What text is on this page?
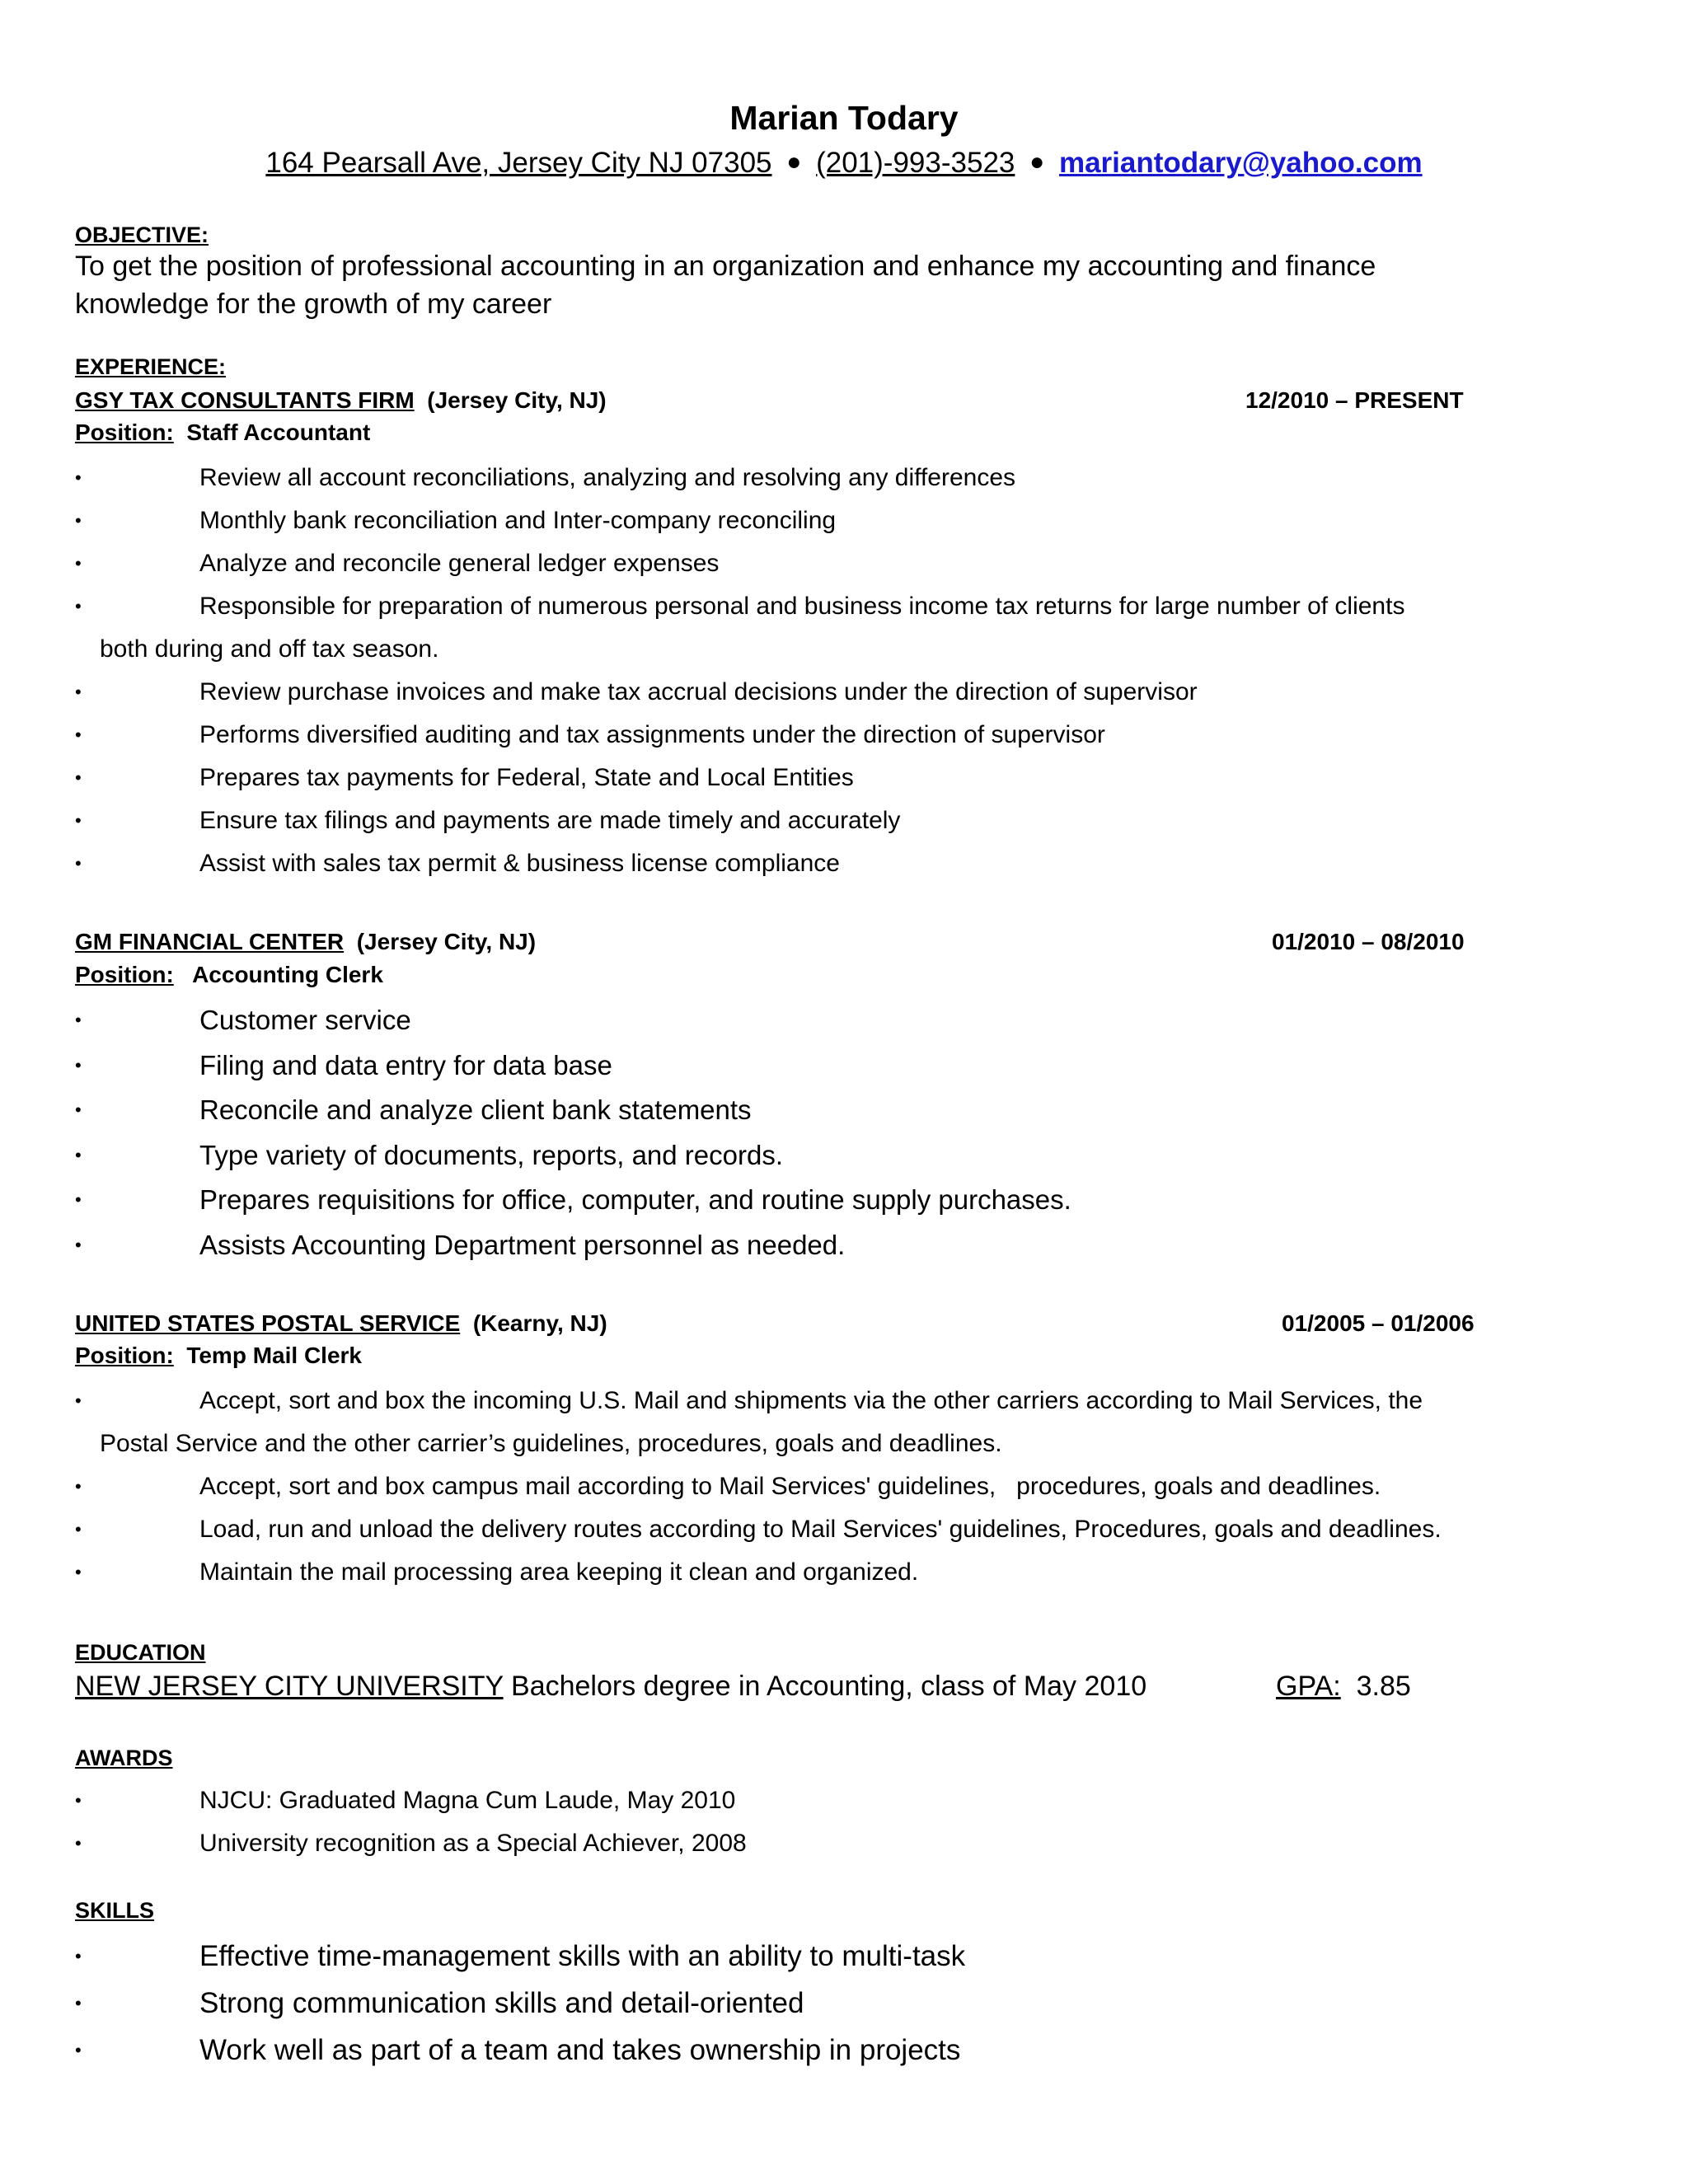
Marian Todary
164 Pearsall Ave, Jersey City NJ 07305 ● (201)-993-3523 ● mariantodary@yahoo.com
OBJECTIVE:
To get the position of professional accounting in an organization and enhance my accounting and finance knowledge for the growth of my career
EXPERIENCE:
GSY TAX CONSULTANTS FIRM (Jersey City, NJ)	12/2010 – PRESENT
Position: Staff Accountant

•	Review all account reconciliations, analyzing and resolving any differences

•	Monthly bank reconciliation and Inter-company reconciling

•	Analyze and reconcile general ledger expenses

•	Responsible for preparation of numerous personal and business income tax returns for large number of clients
both during and off tax season.

•	Review purchase invoices and make tax accrual decisions under the direction of supervisor

•	Performs diversified auditing and tax assignments under the direction of supervisor

•	Prepares tax payments for Federal, State and Local Entities

•	Ensure tax filings and payments are made timely and accurately

•	Assist with sales tax permit & business license compliance

GM FINANCIAL CENTER (Jersey City, NJ)	01/2010 – 08/2010
Position: Accounting Clerk

•	Customer service

•	Filing and data entry for data base

•	Reconcile and analyze client bank statements

•	Type variety of documents, reports, and records.

•	Prepares requisitions for office, computer, and routine supply purchases.

•	Assists Accounting Department personnel as needed.

UNITED STATES POSTAL SERVICE (Kearny, NJ)	01/2005 – 01/2006
Position: Temp Mail Clerk

•	Accept, sort and box the incoming U.S. Mail and shipments via the other carriers according to Mail Services, the
Postal Service and the other carrier’s guidelines, procedures, goals and deadlines.

•	Accept, sort and box campus mail according to Mail Services' guidelines,   procedures, goals and deadlines.

•	Load, run and unload the delivery routes according to Mail Services' guidelines, Procedures, goals and deadlines.

•	Maintain the mail processing area keeping it clean and organized.

EDUCATION
NEW JERSEY CITY UNIVERSITY Bachelors degree in Accounting, class of May 2010	GPA: 3.85
AWARDS

•	NJCU: Graduated Magna Cum Laude, May 2010

•	University recognition as a Special Achiever, 2008

SKILLS

•	Effective time-management skills with an ability to multi-task

•	Strong communication skills and detail-oriented

•	Work well as part of a team and takes ownership in projects
